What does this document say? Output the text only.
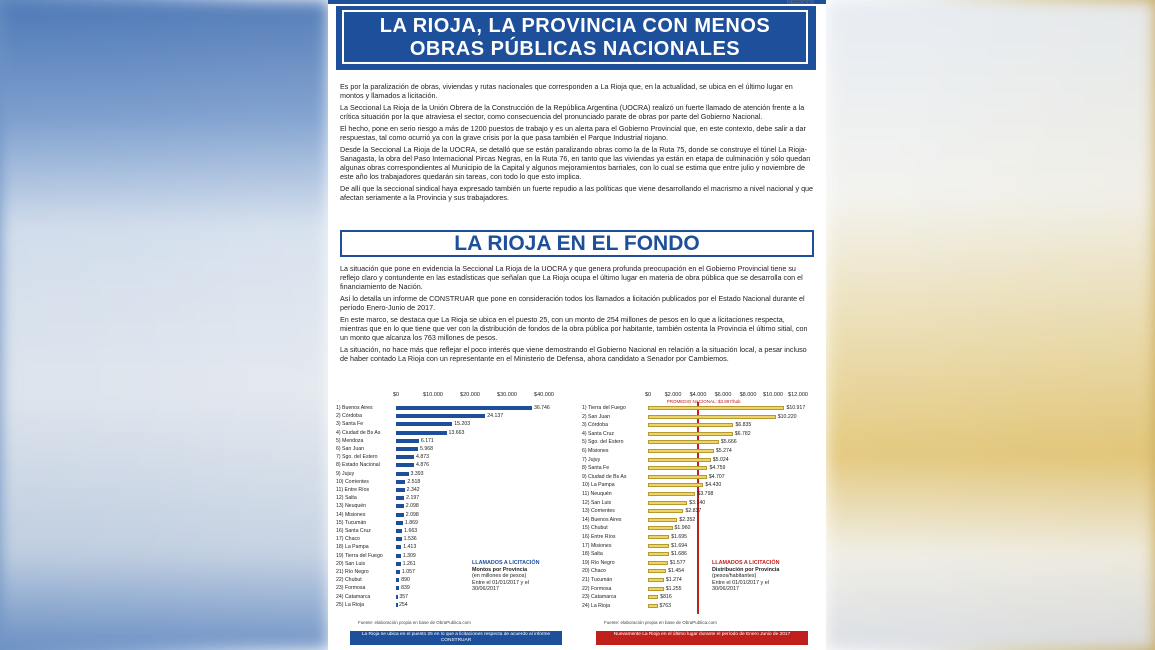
NEGOCIOS
LA RIOJA, LA PROVINCIA CON MENOS
OBRAS PÚBLICAS NACIONALES

Es por la paralización de obras, viviendas y rutas nacionales que corresponden a La Rioja que, en la actualidad, se ubica en el último lugar en montos y llamados a licitación.

La Seccional La Rioja de la Unión Obrera de la Construcción de la República Argentina (UOCRA) realizó un fuerte llamado de atención frente a la crítica situación por la que atraviesa el sector, como consecuencia del pronunciado parate de obras por parte del Gobierno Nacional.

El hecho, pone en serio riesgo a más de 1200 puestos de trabajo y es un alerta para el Gobierno Provincial que, en este contexto, debe salir a dar respuestas, tal como ocurrió ya con la grave crisis por la que pasa también el Parque Industrial riojano.

Desde la Seccional La Rioja de la UOCRA, se detalló que se están paralizando obras como la de la Ruta 75, donde se construye el túnel La Rioja-Sanagasta, la obra del Paso Internacional Pircas Negras, en la Ruta 76, en tanto que las viviendas ya están en etapa de culminación y sólo quedan algunas obras correspondientes al Municipio de la Capital y algunos mejoramientos barriales, con lo cual se estima que entre julio y noviembre de este año los trabajadores quedarán sin tareas, con todo lo que esto implica.

De allí que la seccional sindical haya expresado también un fuerte repudio a las políticas que viene desarrollando el macrismo a nivel nacional y que afectan seriamente a la Provincia y sus trabajadores.

LA RIOJA EN EL FONDO

La situación que pone en evidencia la Seccional La Rioja de la UOCRA y que genera profunda preocupación en el Gobierno Provincial tiene su reflejo claro y contundente en las estadísticas que señalan que La Rioja ocupa el último lugar en materia de obra pública que se desarrolla con el financiamiento de Nación.

Así lo detalla un informe de CONSTRUAR que pone en consideración todos los llamados a licitación publicados por el Estado Nacional durante el período Enero-Junio de 2017.

En este marco, se destaca que La Rioja se ubica en el puesto 25, con un monto de 254 millones de pesos en lo que a licitaciones respecta, mientras que en lo que tiene que ver con la distribución de fondos de la obra pública por habitante, también ostenta la Provincia el último sitial, con un monto que alcanza los 763 millones de pesos.

La situación, no hace más que reflejar el poco interés que viene demostrando el Gobierno Nacional en relación a la situación local, a pesar incluso de haber contado La Rioja con un representante en el Ministerio de Defensa, ahora candidato a Senador por Cambiemos.

$0	$10.000	$20.000	$30.000	$40.000
1) Buenos Aires	36.746
2) Córdoba	24.137
3) Santa Fe	15.203
4) Ciudad de Bs As	13.663
5) Mendoza	6.171
6) San Juan	5.968
7) Sgo. del Estero	4.873
8) Estado Nacional	4.876
9) Jujuy	3.393
10) Corrientes	2.518
11) Entre Ríos	2.342
12) Salta	2.197
13) Neuquén	2.098
14) Misiones	2.098
15) Tucumán	1.869
16) Santa Cruz	1.663
17) Chaco	1.536
18) La Pampa	1.413
19) Tierra del Fuego	1.309
20) San Luis	1.261
21) Río Negro	1.057
22) Chubut	890
23) Formosa	839
24) Catamarca	357
25) La Rioja	254
$0 $2.000 $4.000 $6.000 $8.000 $10.000 $12.000
PROMEDIO NACIONAL: $3.897/hab
1) Tierra del Fuego	$10.917
2) San Juan	$10.220
3) Córdoba	$6.835
4) Santa Cruz	$6.782
5) Sgo. del Estero	$5.666
6) Misiones	$5.274
7) Jujuy	$5.024
8) Santa Fe	$4.759
9) Ciudad de Bs As	$4.707
10) La Pampa	$4.430
11) Neuquén	$3.798
12) San Luis	$3.140
13) Corrientes	$2.837
14) Buenos Aires	$2.352
15) Chubut	$1.960
16) Entre Ríos	$1.695
17) Misiones	$1.694
18) Salta	$1.686
19) Río Negro	$1.577
20) Chaco	$1.454
21) Tucumán	$1.274
22) Formosa	$1.255
23) Catamarca	$816
24) La Rioja	$763
LLAMADOS A LICITACIÓN
Montos por Provincia
(en millones de pesos)
Entre el 01/01/2017 y el
30/06/2017
LLAMADOS A LICITACIÓN
Distribución por Provincia
(pesos/habitantes)
Entre el 01/01/2017 y el
30/06/2017
Fuente: elaboración propia en base de ObraPublica.com	Fuente: elaboración propia en base de ObraPublica.com
La Rioja se ubica en el puesto 25 en lo que a licitaciones respecta de acuerdo al informe CONSTRUAR
Nuevamente La Rioja en el último lugar durante el período de Enero Junio de 2017
